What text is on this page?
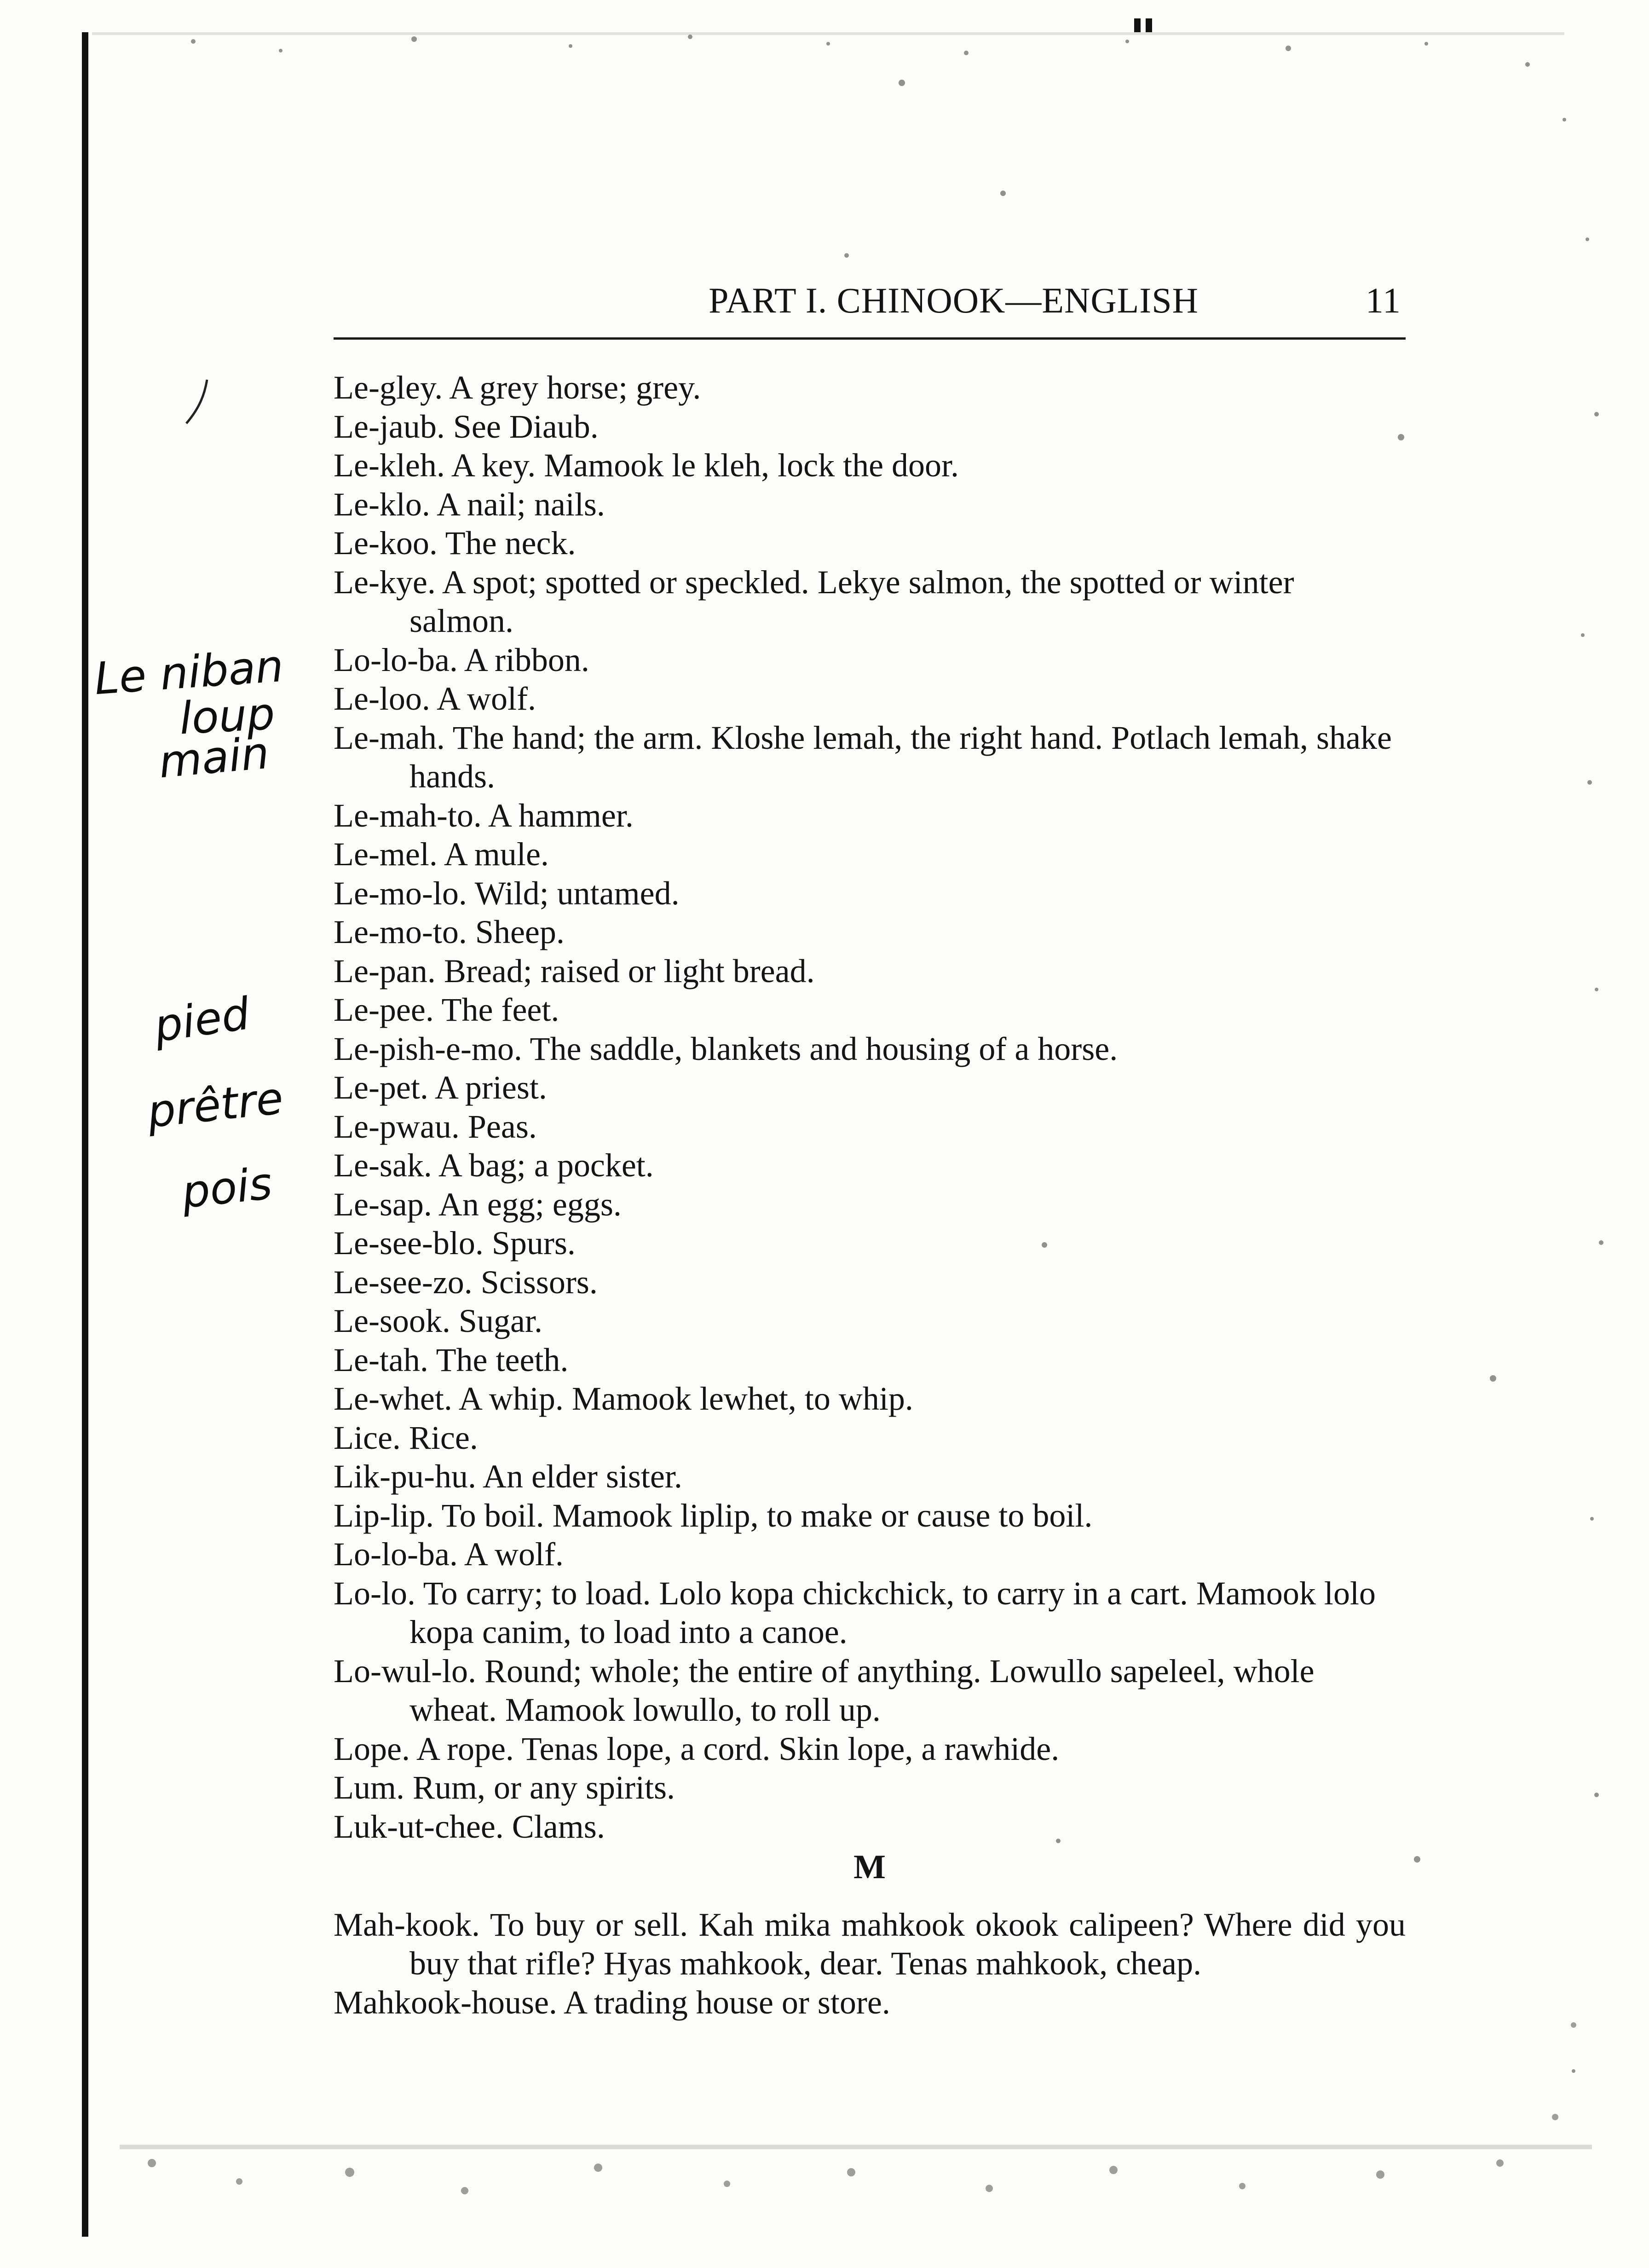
PART I. CHINOOK—ENGLISH	11
Le-gley. A grey horse; grey.
Le-jaub. See Diaub.
Le-kleh. A key. Mamook le kleh, lock the door.
Le-klo. A nail; nails.
Le-koo. The neck.
Le-kye. A spot; spotted or speckled. Lekye salmon, the spotted or winter salmon.
Lo-lo-ba. A ribbon.
Le-loo. A wolf.
Le-mah. The hand; the arm. Kloshe lemah, the right hand. Potlach lemah, shake hands.
Le-mah-to. A hammer.
Le-mel. A mule.
Le-mo-lo. Wild; untamed.
Le-mo-to. Sheep.
Le-pan. Bread; raised or light bread.
Le-pee. The feet.
Le-pish-e-mo. The saddle, blankets and housing of a horse.
Le-pet. A priest.
Le-pwau. Peas.
Le-sak. A bag; a pocket.
Le-sap. An egg; eggs.
Le-see-blo. Spurs.
Le-see-zo. Scissors.
Le-sook. Sugar.
Le-tah. The teeth.
Le-whet. A whip. Mamook lewhet, to whip.
Lice. Rice.
Lik-pu-hu. An elder sister.
Lip-lip. To boil. Mamook liplip, to make or cause to boil.
Lo-lo-ba. A wolf.
Lo-lo. To carry; to load. Lolo kopa chickchick, to carry in a cart. Mamook lolo kopa canim, to load into a canoe.
Lo-wul-lo. Round; whole; the entire of anything. Lowullo sapeleel, whole wheat. Mamook lowullo, to roll up.
Lope. A rope. Tenas lope, a cord. Skin lope, a rawhide.
Lum. Rum, or any spirits.
Luk-ut-chee. Clams.
M
Mah-kook. To buy or sell. Kah mika mahkook okook calipeen? Where did you buy that rifle? Hyas mahkook, dear. Tenas mahkook, cheap.
Mahkook-house. A trading house or store.
Le niban
loup
main
pied
prêtre
pois
